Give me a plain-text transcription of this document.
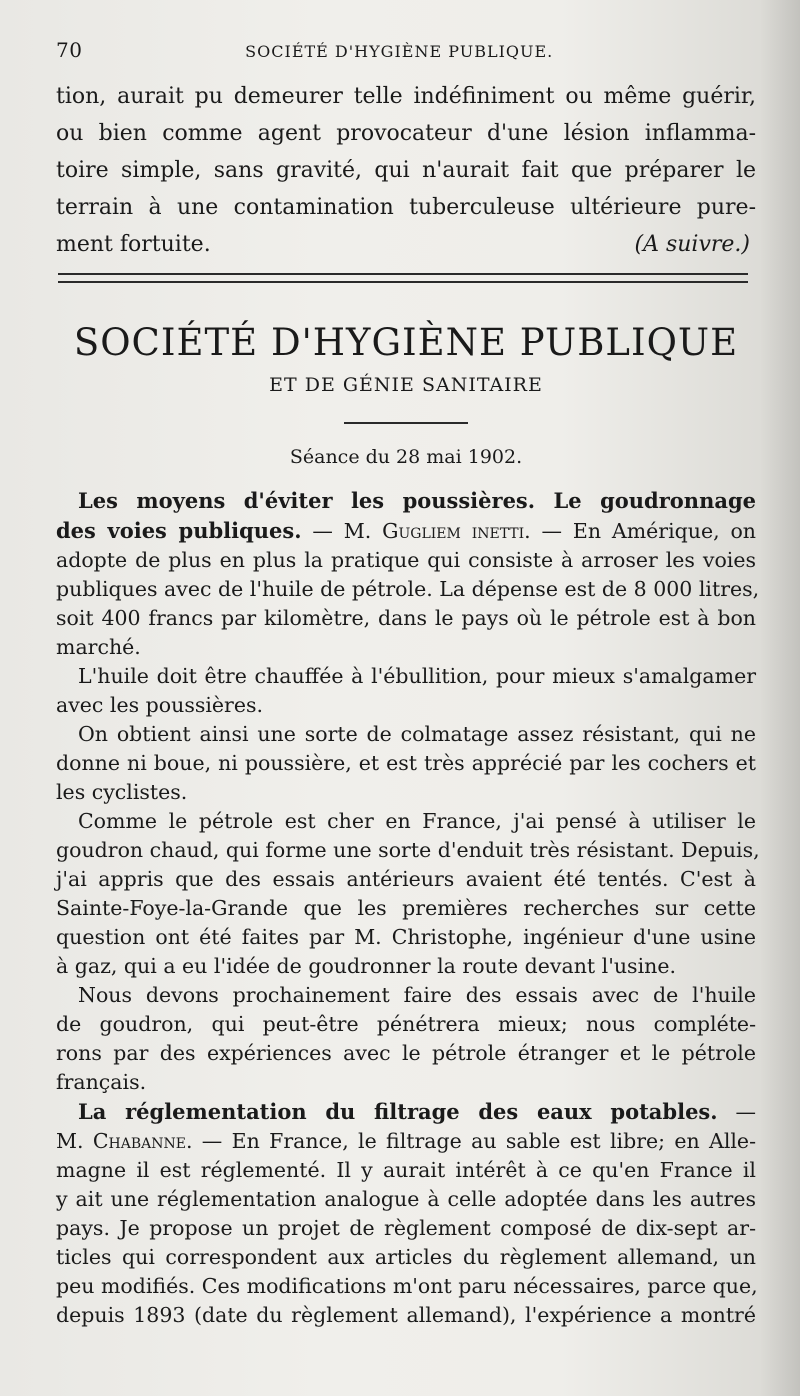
70	SOCIÉTÉ D'HYGIÈNE PUBLIQUE.

tion, aurait pu demeurer telle indéfiniment ou même guérir,

ou bien comme agent provocateur d'une lésion inflamma-

toire simple, sans gravité, qui n'aurait fait que préparer le

terrain à une contamination tuberculeuse ultérieure pure-

ment fortuite.	(A suivre.)
SOCIÉTÉ D'HYGIÈNE PUBLIQUE
ET DE GÉNIE SANITAIRE
Séance du 28 mai 1902.

Les moyens d'éviter les poussières. Le goudronnage

des voies publiques. — M. Gugliem inetti. — En Amérique, on

adopte de plus en plus la pratique qui consiste à arroser les voies

publiques avec de l'huile de pétrole. La dépense est de 8 000 litres,

soit 400 francs par kilomètre, dans le pays où le pétrole est à bon

marché.

L'huile doit être chauffée à l'ébullition, pour mieux s'amalgamer

avec les poussières.

On obtient ainsi une sorte de colmatage assez résistant, qui ne

donne ni boue, ni poussière, et est très apprécié par les cochers et

les cyclistes.

Comme le pétrole est cher en France, j'ai pensé à utiliser le

goudron chaud, qui forme une sorte d'enduit très résistant. Depuis,

j'ai appris que des essais antérieurs avaient été tentés. C'est à

Sainte-Foye-la-Grande que les premières recherches sur cette

question ont été faites par M. Christophe, ingénieur d'une usine

à gaz, qui a eu l'idée de goudronner la route devant l'usine.

Nous devons prochainement faire des essais avec de l'huile

de goudron, qui peut-être pénétrera mieux; nous compléte-

rons par des expériences avec le pétrole étranger et le pétrole

français.

La réglementation du filtrage des eaux potables. —

M. Chabanne. — En France, le filtrage au sable est libre; en Alle-

magne il est réglementé. Il y aurait intérêt à ce qu'en France il

y ait une réglementation analogue à celle adoptée dans les autres

pays. Je propose un projet de règlement composé de dix-sept ar-

ticles qui correspondent aux articles du règlement allemand, un

peu modifiés. Ces modifications m'ont paru nécessaires, parce que,

depuis 1893 (date du règlement allemand), l'expérience a montré
